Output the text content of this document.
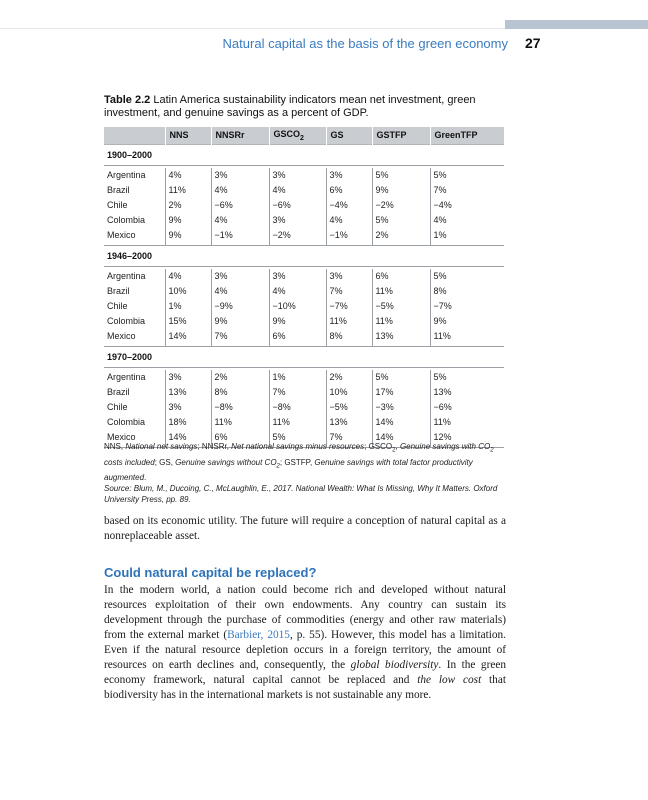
Natural capital as the basis of the green economy 27
Table 2.2 Latin America sustainability indicators mean net investment, green investment, and genuine savings as a percent of GDP.
	NNS	NNSRr	$GSCO_2$	GS	GSTFP	GreenTFP
1900–2000						

Argentina	4%	3%	3%	3%	5%	5%
Brazil	11%	4%	4%	6%	9%	7%
Chile	2%	−6%	−6%	−4%	−2%	−4%
Colombia	9%	4%	3%	4%	5%	4%
Mexico	9%	−1%	−2%	−1%	2%	1%

1946–2000						

Argentina	4%	3%	3%	3%	6%	5%
Brazil	10%	4%	4%	7%	11%	8%
Chile	1%	−9%	−10%	−7%	−5%	−7%
Colombia	15%	9%	9%	11%	11%	9%
Mexico	14%	7%	6%	8%	13%	11%

1970–2000						

Argentina	3%	2%	1%	2%	5%	5%
Brazil	13%	8%	7%	10%	17%	13%
Chile	3%	−8%	−8%	−5%	−3%	−6%
Colombia	18%	11%	11%	13%	14%	11%
Mexico	14%	6%	5%	7%	14%	12%

NNS, National net savings; NNSRr, Net national savings minus resources; $GSCO_2$, Genuine savings with $CO_2$ costs included; GS, Genuine savings without $CO_2$; GSTFP, Genuine savings with total factor productivity augmented.
Source: Blum, M., Ducoing, C., McLaughlin, E., 2017. National Wealth: What Is Missing, Why It Matters. Oxford University Press, pp. 89.

based on its economic utility. The future will require a conception of natural capital as a nonreplaceable asset.

Could natural capital be replaced?

In the modern world, a nation could become rich and developed without natural resources exploitation of their own endowments. Any country can sustain its development through the purchase of commodities (energy and other raw materials) from the external market (Barbier, 2015, p. 55). However, this model has a limitation. Even if the natural resource depletion occurs in a foreign territory, the amount of resources on earth declines and, consequently, the global biodiversity. In the green economy framework, natural capital cannot be replaced and the low cost that biodiversity has in the international markets is not sustainable any more.
